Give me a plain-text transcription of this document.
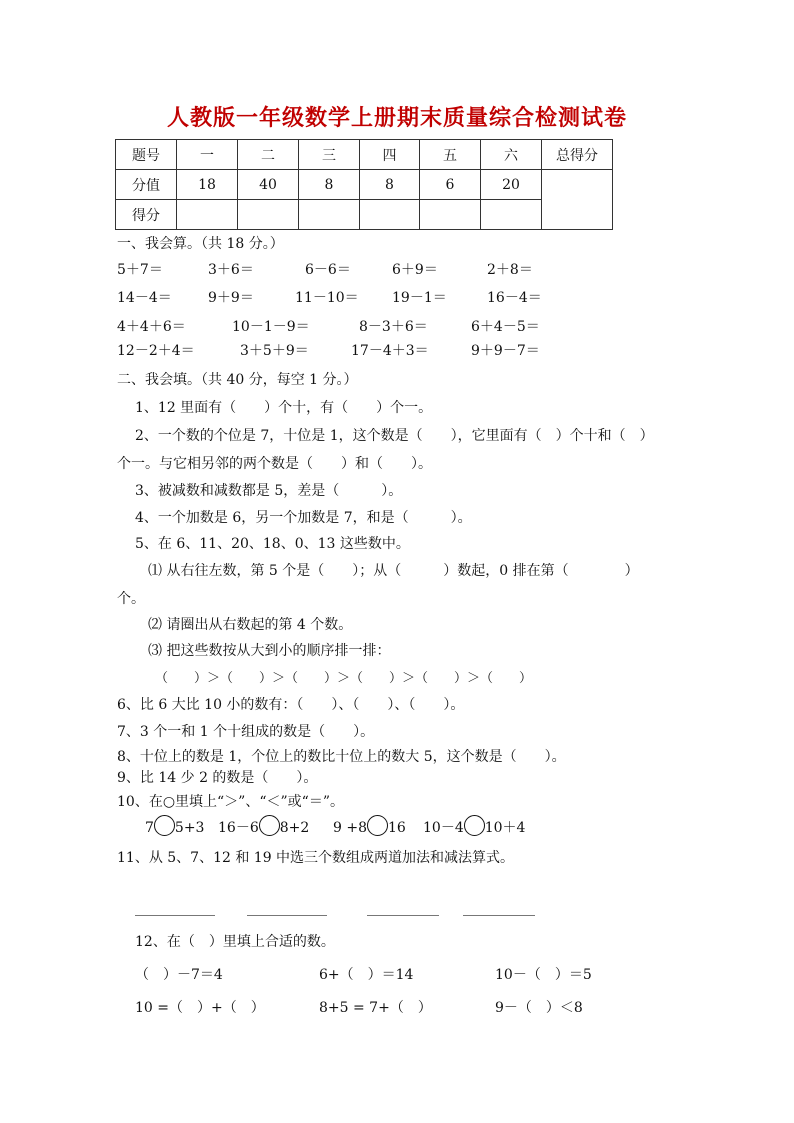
人教版一年级数学上册期末质量综合检测试卷
题号	一	二	三	四	五	六	总得分
分值	18	40	8	8	6	20	
得分							
一、我会算。（共 18 分。）
5＋7＝	3＋6＝	6－6＝	6＋9＝	2＋8＝
14－4＝	9＋9＝	11－10＝ 19－1＝	16－4＝
4＋4＋6＝	10－1－9＝	8－3＋6＝	6＋4－5＝
12－2＋4＝	3＋5＋9＝	17－4＋3＝	9＋9－7＝
二、我会填。（共 40 分，每空 1 分。）
1、12 里面有（　　）个十，有（　　）个一。
2、一个数的个位是 7，十位是 1，这个数是（　　），它里面有（　）个十和（　）
个一。与它相另邻的两个数是（　　）和（　　）。
3、被减数和减数都是 5，差是（　　　）。
4、一个加数是 6，另一个加数是 7，和是（　　　）。
5、在 6、11、20、18、0、13 这些数中。
⑴ 从右往左数，第 5 个是（　　）；从（　　　）数起，0 排在第（　　　　）
个。
⑵ 请圈出从右数起的第 4 个数。
⑶ 把这些数按从大到小的顺序排一排：
（　　）＞（　　）＞（　　）＞（　　）＞（　　）＞（　　）
6、比 6 大比 10 小的数有：（　　）、（　　）、（　　）。
7、3 个一和 1 个十组成的数是（　　）。
8、十位上的数是 1，个位上的数比十位上的数大 5，这个数是（　　）。
9、比 14 少 2 的数是（　　）。
10、在○里填上“＞”、“＜”或“＝”。
7 5+3 16－6 8+2 9 +8 16 10－4 10＋4
11、从 5、7、12 和 19 中选三个数组成两道加法和减法算式。
12、在（　）里填上合适的数。
（　）－7＝4	6+（　）＝14	10－（　）＝5
10 =（　）+（　）	8+5 = 7+（　）	9－（　）＜8
